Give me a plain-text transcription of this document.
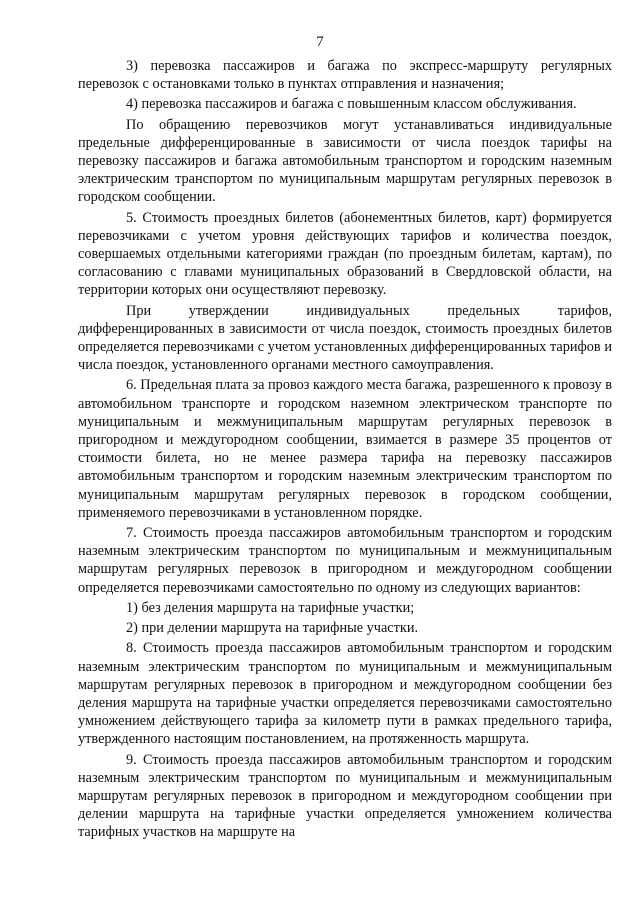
7

3) перевозка пассажиров и багажа по экспресс-маршруту регулярных перевозок с остановками только в пунктах отправления и назначения;

4) перевозка пассажиров и багажа с повышенным классом обслуживания.

По обращению перевозчиков могут устанавливаться индивидуальные предельные дифференцированные в зависимости от числа поездок тарифы на перевозку пассажиров и багажа автомобильным транспортом и городским наземным электрическим транспортом по муниципальным маршрутам регулярных перевозок в городском сообщении.

5. Стоимость проездных билетов (абонементных билетов, карт) формируется перевозчиками с учетом уровня действующих тарифов и количества поездок, совершаемых отдельными категориями граждан (по проездным билетам, картам), по согласованию с главами муниципальных образований в Свердловской области, на территории которых они осуществляют перевозку.

При утверждении индивидуальных предельных тарифов, дифференцированных в зависимости от числа поездок, стоимость проездных билетов определяется перевозчиками с учетом установленных дифференцированных тарифов и числа поездок, установленного органами местного самоуправления.

6. Предельная плата за провоз каждого места багажа, разрешенного к провозу в автомобильном транспорте и городском наземном электрическом транспорте по муниципальным и межмуниципальным маршрутам регулярных перевозок в пригородном и междугородном сообщении, взимается в размере 35 процентов от стоимости билета, но не менее размера тарифа на перевозку пассажиров автомобильным транспортом и городским наземным электрическим транспортом по муниципальным маршрутам регулярных перевозок в городском сообщении, применяемого перевозчиками в установленном порядке.

7. Стоимость проезда пассажиров автомобильным транспортом и городским наземным электрическим транспортом по муниципальным и межмуниципальным маршрутам регулярных перевозок в пригородном и междугородном сообщении определяется перевозчиками самостоятельно по одному из следующих вариантов:

1) без деления маршрута на тарифные участки;

2) при делении маршрута на тарифные участки.

8. Стоимость проезда пассажиров автомобильным транспортом и городским наземным электрическим транспортом по муниципальным и межмуниципальным маршрутам регулярных перевозок в пригородном и междугородном сообщении без деления маршрута на тарифные участки определяется перевозчиками самостоятельно умножением действующего тарифа за километр пути в рамках предельного тарифа, утвержденного настоящим постановлением, на протяженность маршрута.

9. Стоимость проезда пассажиров автомобильным транспортом и городским наземным электрическим транспортом по муниципальным и межмуниципальным маршрутам регулярных перевозок в пригородном и междугородном сообщении при делении маршрута на тарифные участки определяется умножением количества тарифных участков на маршруте на
